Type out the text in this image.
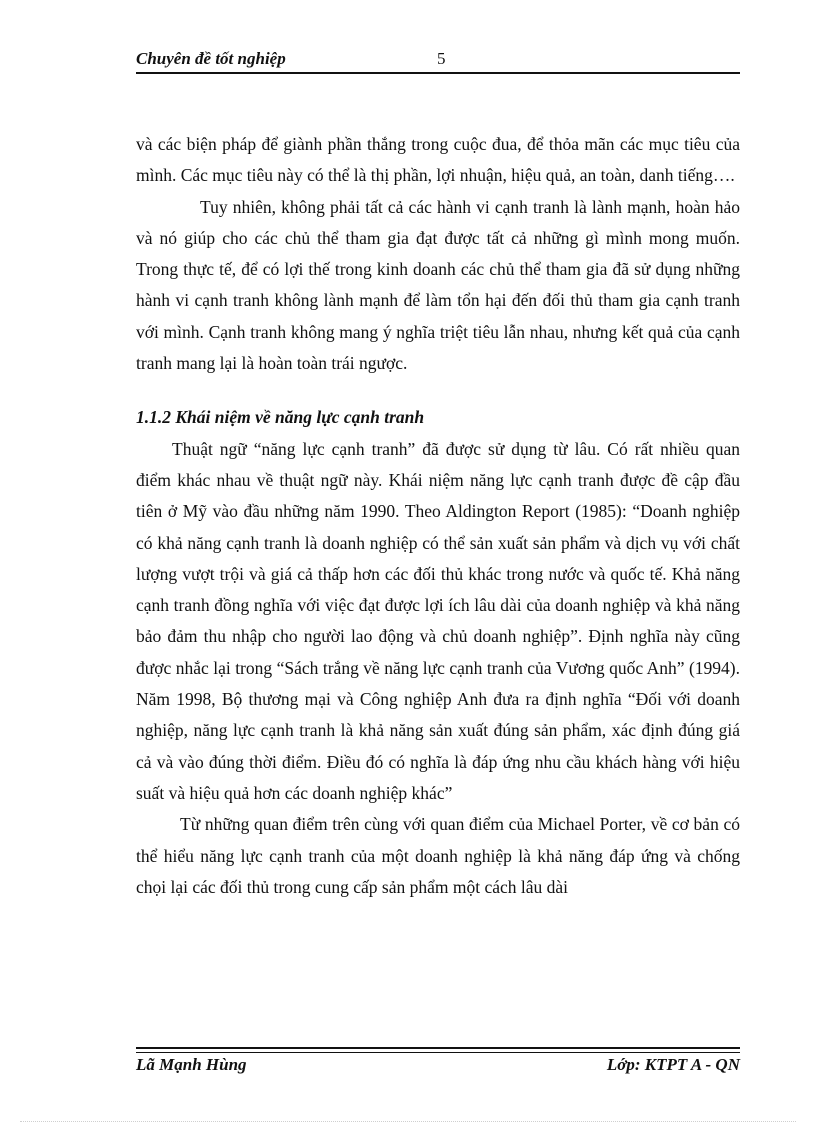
Chuyên đề tốt nghiệp	5

và các biện pháp để giành phần thắng trong cuộc đua, để thỏa mãn các mục tiêu của mình. Các mục tiêu này có thể là thị phần, lợi nhuận, hiệu quả, an toàn, danh tiếng….

Tuy nhiên, không phải tất cả các hành vi cạnh tranh là lành mạnh, hoàn hảo và nó giúp cho các chủ thể tham gia đạt được tất cả những gì mình mong muốn. Trong thực tế, để có lợi thế trong kinh doanh các chủ thể tham gia đã sử dụng những hành vi cạnh tranh không lành mạnh để làm tổn hại đến đối thủ tham gia cạnh tranh với mình. Cạnh tranh không mang ý nghĩa triệt tiêu lẫn nhau, nhưng kết quả của cạnh tranh mang lại là hoàn toàn trái ngược.

1.1.2 Khái niệm về năng lực cạnh tranh

Thuật ngữ “năng lực cạnh tranh” đã được sử dụng từ lâu. Có rất nhiều quan điểm khác nhau về thuật ngữ này. Khái niệm năng lực cạnh tranh được đề cập đầu tiên ở Mỹ vào đầu những năm 1990. Theo Aldington Report (1985): “Doanh nghiệp có khả năng cạnh tranh là doanh nghiệp có thể sản xuất sản phẩm và dịch vụ với chất lượng vượt trội và giá cả thấp hơn các đối thủ khác trong nước và quốc tế. Khả năng cạnh tranh đồng nghĩa với việc đạt được lợi ích lâu dài của doanh nghiệp và khả năng bảo đảm thu nhập cho người lao động và chủ doanh nghiệp”. Định nghĩa này cũng được nhắc lại trong “Sách trắng về năng lực cạnh tranh của Vương quốc Anh” (1994). Năm 1998, Bộ thương mại và Công nghiệp Anh đưa ra định nghĩa “Đối với doanh nghiệp, năng lực cạnh tranh là khả năng sản xuất đúng sản phẩm, xác định đúng giá cả và vào đúng thời điểm. Điều đó có nghĩa là đáp ứng nhu cầu khách hàng với hiệu suất và hiệu quả hơn các doanh nghiệp khác”

Từ những quan điểm trên cùng với quan điểm của Michael Porter, về cơ bản có thể hiểu năng lực cạnh tranh của một doanh nghiệp là khả năng đáp ứng và chống chọi lại các đối thủ trong cung cấp sản phẩm một cách lâu dài

Lã Mạnh Hùng	Lớp: KTPT A - QN
